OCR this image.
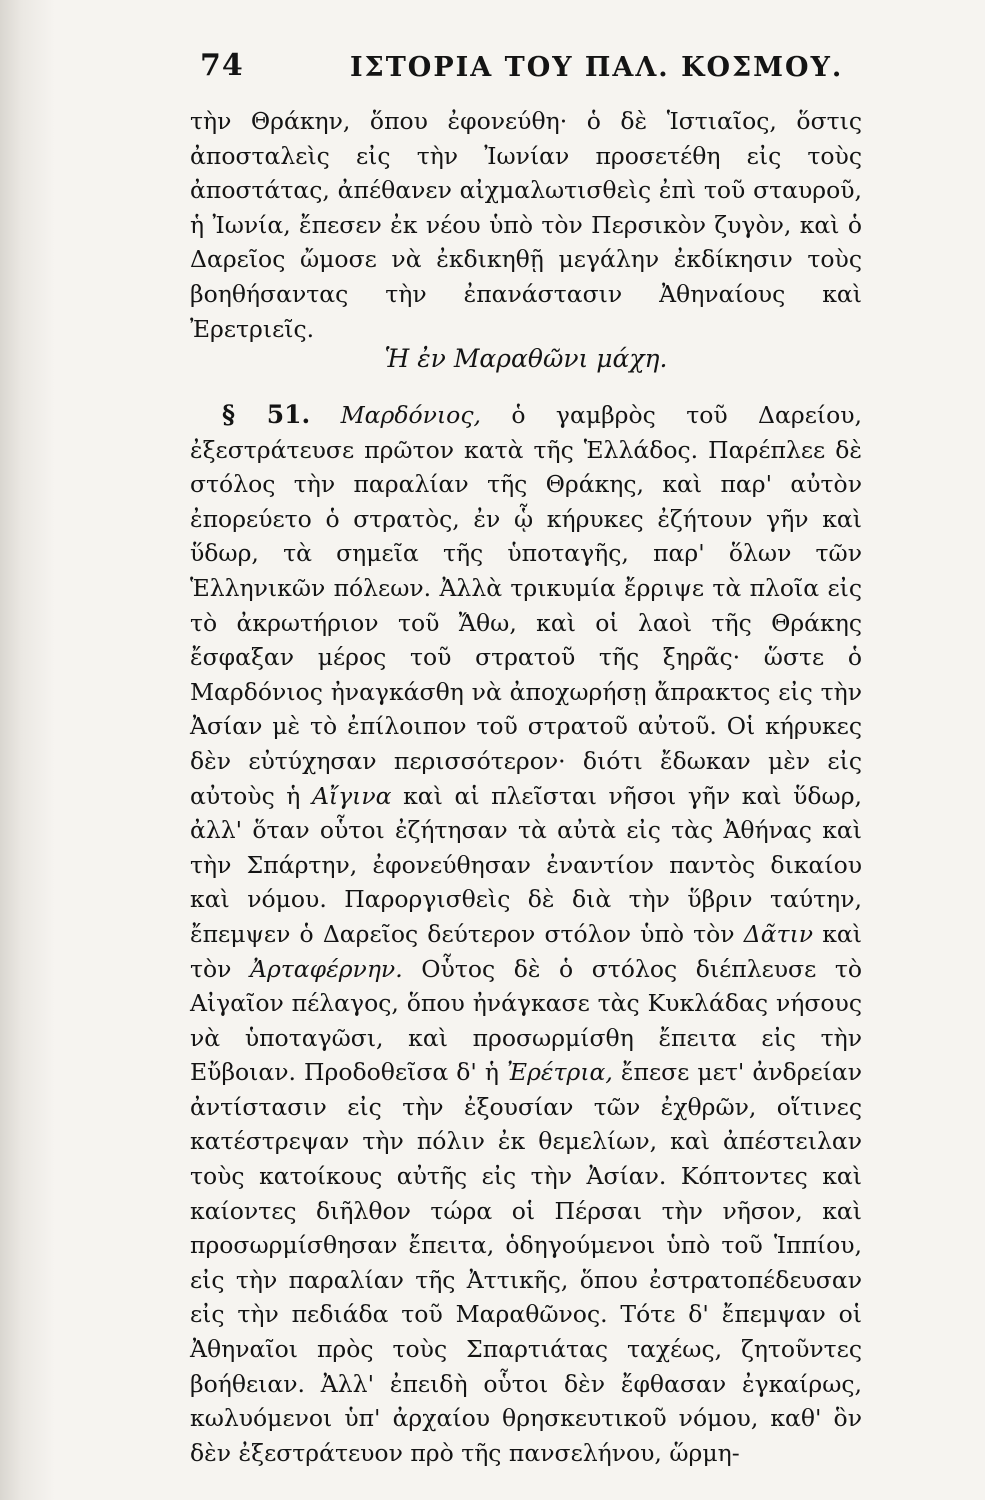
74	ΙΣΤΟΡΙΑ ΤΟΥ ΠΑΛ. ΚΟΣΜΟΥ.

τὴν Θράκην, ὅπου ἐφονεύθη· ὁ δὲ Ἱστιαῖος, ὅστις ἀποσταλεὶς εἰς τὴν Ἰωνίαν προσετέθη εἰς τοὺς ἀποστάτας, ἀπέθανεν αἰχμαλωτισθεὶς ἐπὶ τοῦ σταυροῦ, ἡ Ἰωνία, ἔπεσεν ἐκ νέου ὑπὸ τὸν Περσικὸν ζυγὸν, καὶ ὁ Δαρεῖος ὤμοσε νὰ ἐκδικηθῇ μεγάλην ἐκδίκησιν τοὺς βοηθήσαντας τὴν ἐπανάστασιν Ἀθηναίους καὶ Ἐρετριεῖς.

Ἡ ἐν Μαραθῶνι μάχη.

§ 51. Μαρδόνιος, ὁ γαμβρὸς τοῦ Δαρείου, ἐξεστράτευσε πρῶτον κατὰ τῆς Ἑλλάδος. Παρέπλεε δὲ στόλος τὴν παραλίαν τῆς Θράκης, καὶ παρ' αὐτὸν ἐπορεύετο ὁ στρατὸς, ἐν ᾧ κήρυκες ἐζήτουν γῆν καὶ ὕδωρ, τὰ σημεῖα τῆς ὑποταγῆς, παρ' ὅλων τῶν Ἑλληνικῶν πόλεων. Ἀλλὰ τρικυμία ἔρριψε τὰ πλοῖα εἰς τὸ ἀκρωτήριον τοῦ Ἄθω, καὶ οἱ λαοὶ τῆς Θράκης ἔσφαξαν μέρος τοῦ στρατοῦ τῆς ξηρᾶς· ὥστε ὁ Μαρδόνιος ἠναγκάσθη νὰ ἀποχωρήσῃ ἄπρακτος εἰς τὴν Ἀσίαν μὲ τὸ ἐπίλοιπον τοῦ στρατοῦ αὐτοῦ. Οἱ κήρυκες δὲν εὐτύχησαν περισσότερον· διότι ἔδωκαν μὲν εἰς αὐτοὺς ἡ Αἴγινα καὶ αἱ πλεῖσται νῆσοι γῆν καὶ ὕδωρ, ἀλλ' ὅταν οὗτοι ἐζήτησαν τὰ αὐτὰ εἰς τὰς Ἀθήνας καὶ τὴν Σπάρτην, ἐφονεύθησαν ἐναντίον παντὸς δικαίου καὶ νόμου. Παροργισθεὶς δὲ διὰ τὴν ὕβριν ταύτην, ἔπεμψεν ὁ Δαρεῖος δεύτερον στόλον ὑπὸ τὸν Δᾶτιν καὶ τὸν Ἀρταφέρνην. Οὗτος δὲ ὁ στόλος διέπλευσε τὸ Αἰγαῖον πέλαγος, ὅπου ἠνάγκασε τὰς Κυκλάδας νήσους νὰ ὑποταγῶσι, καὶ προσωρμίσθη ἔπειτα εἰς τὴν Εὔβοιαν. Προδοθεῖσα δ' ἡ Ἐρέτρια, ἔπεσε μετ' ἀνδρείαν ἀντίστασιν εἰς τὴν ἐξουσίαν τῶν ἐχθρῶν, οἵτινες κατέστρεψαν τὴν πόλιν ἐκ θεμελίων, καὶ ἀπέστειλαν τοὺς κατοίκους αὐτῆς εἰς τὴν Ἀσίαν. Κόπτοντες καὶ καίοντες διῆλθον τώρα οἱ Πέρσαι τὴν νῆσον, καὶ προσωρμίσθησαν ἔπειτα, ὁδηγούμενοι ὑπὸ τοῦ Ἱππίου, εἰς τὴν παραλίαν τῆς Ἀττικῆς, ὅπου ἐστρατοπέδευσαν εἰς τὴν πεδιάδα τοῦ Μαραθῶνος. Τότε δ' ἔπεμψαν οἱ Ἀθηναῖοι πρὸς τοὺς Σπαρτιάτας ταχέως, ζητοῦντες βοήθειαν. Ἀλλ' ἐπειδὴ οὗτοι δὲν ἔφθασαν ἐγκαίρως, κωλυόμενοι ὑπ' ἀρχαίου θρησκευτικοῦ νόμου, καθ' ὃν δὲν ἐξεστράτευον πρὸ τῆς πανσελήνου, ὥρμη-
